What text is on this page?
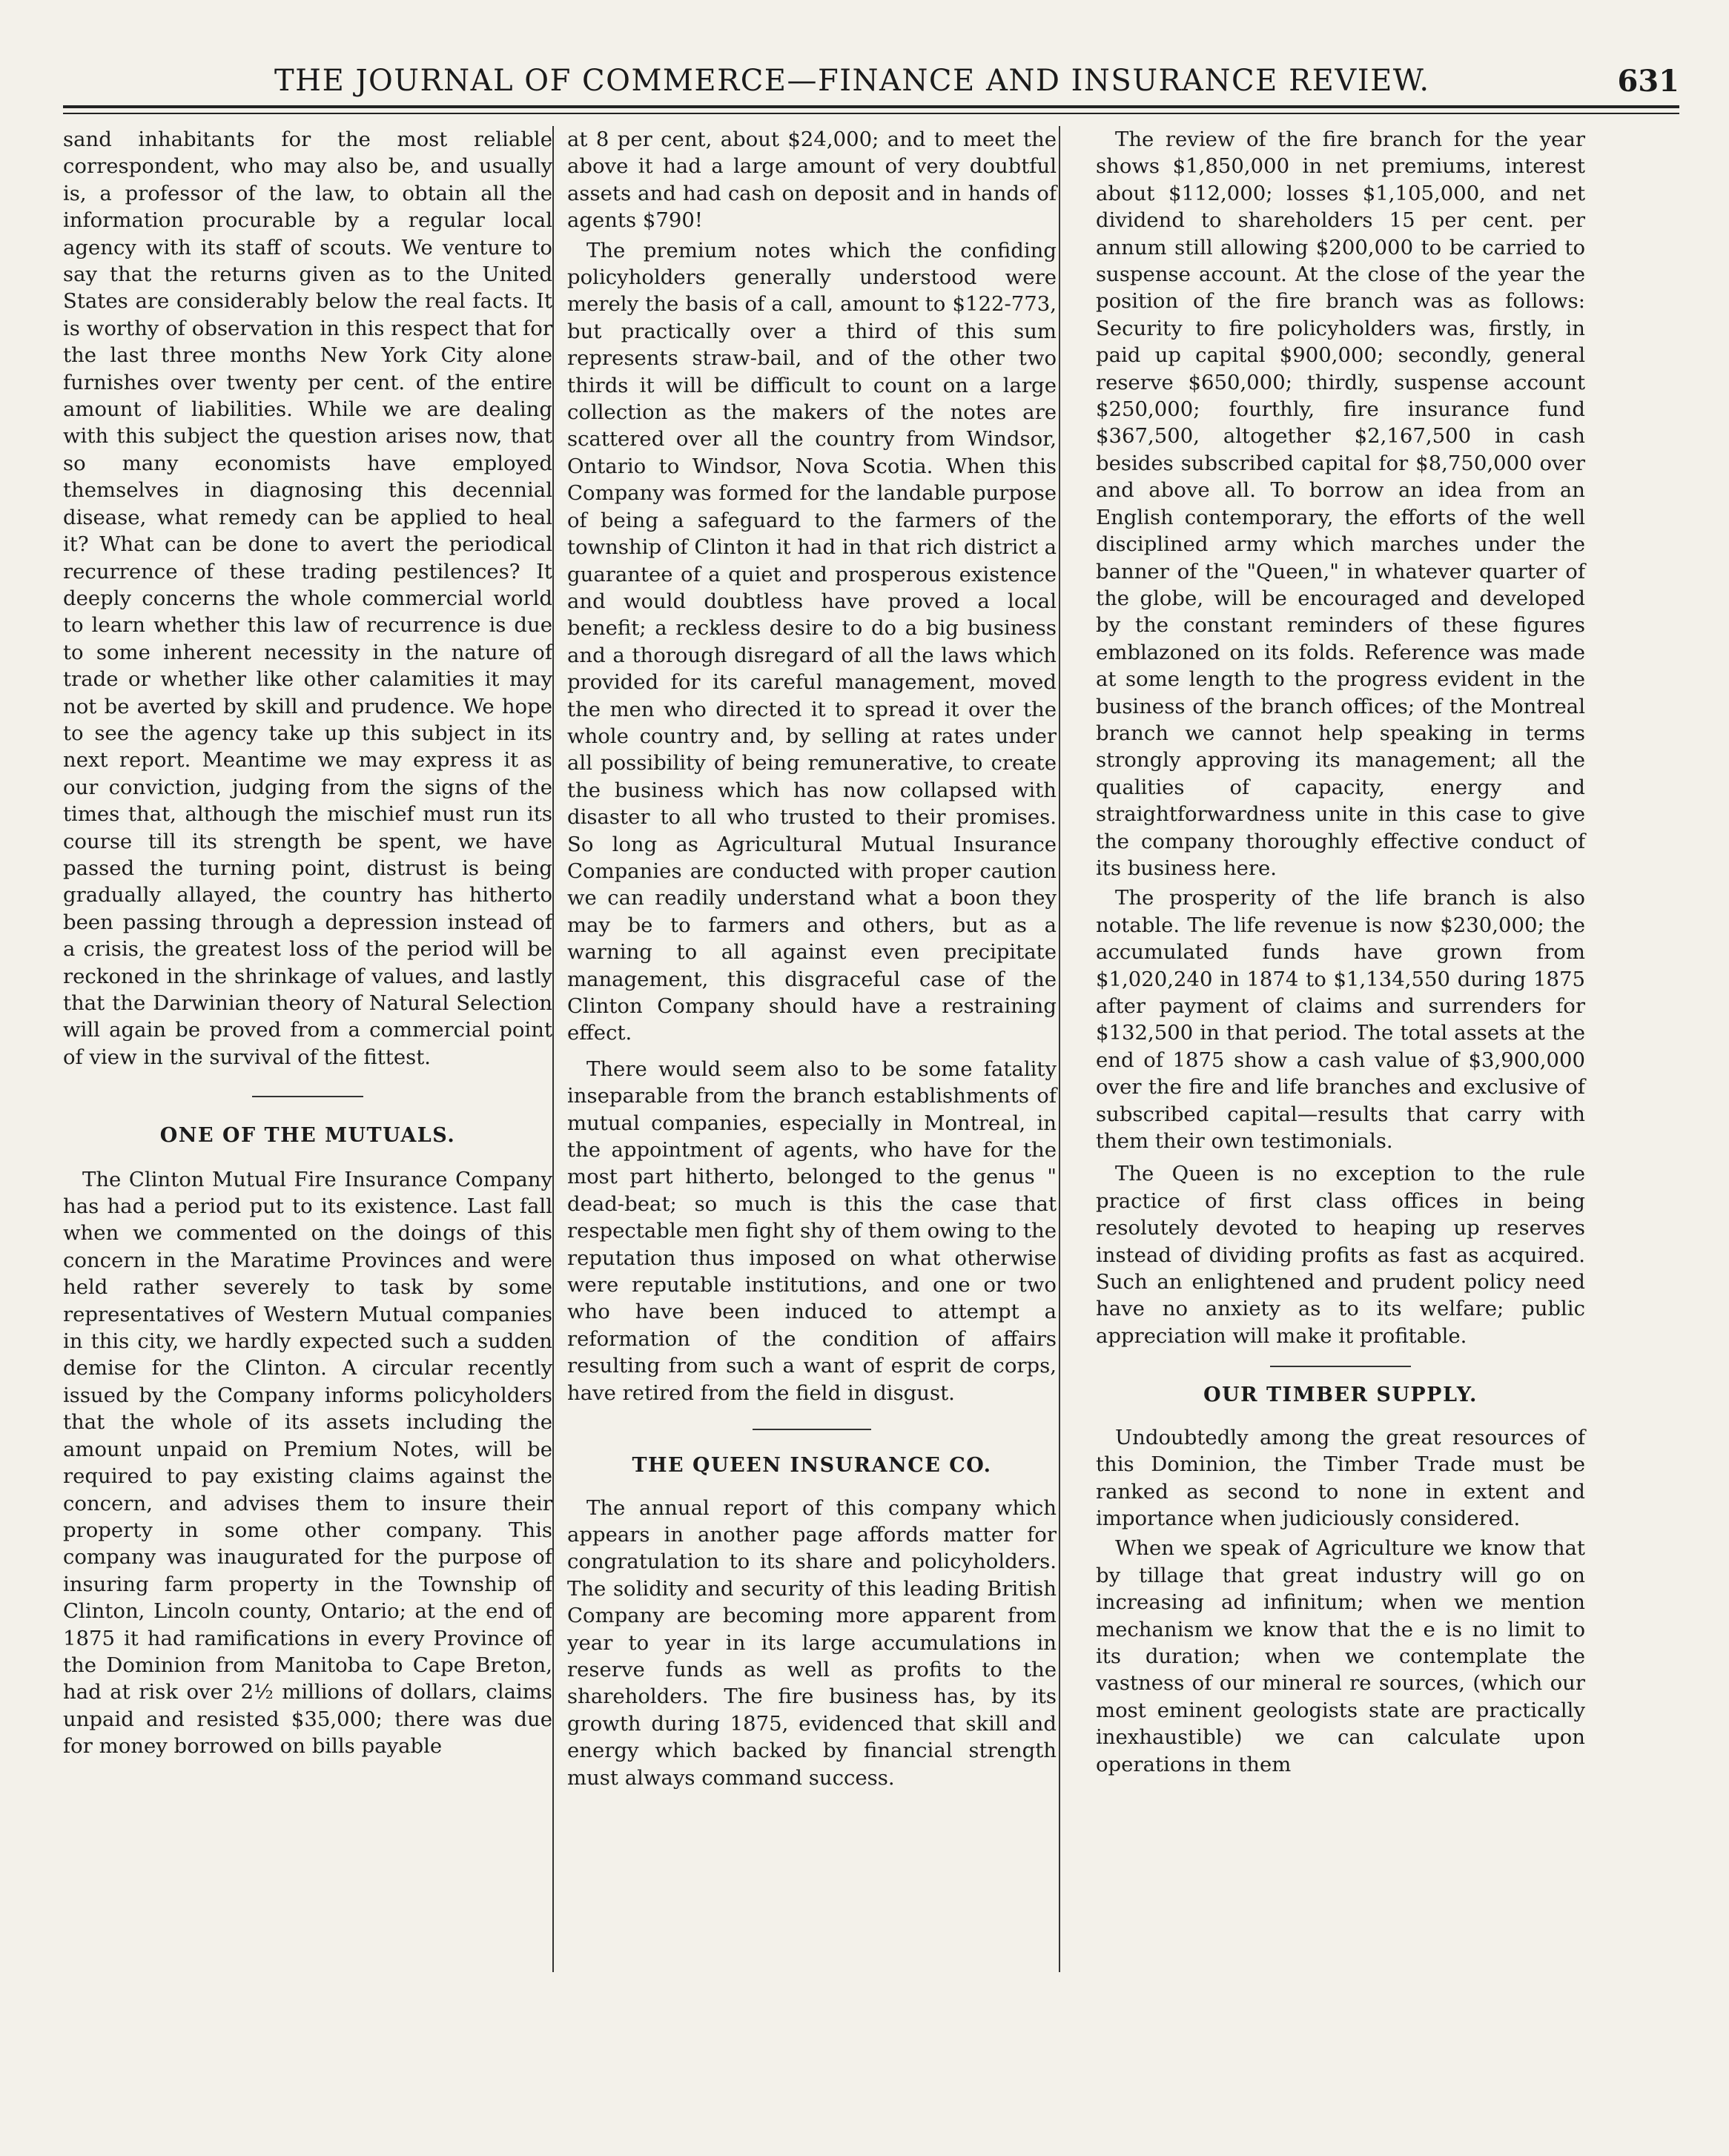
THE JOURNAL OF COMMERCE—FINANCE AND INSURANCE REVIEW.	631

sand inhabitants for the most reliable correspondent, who may also be, and usually is, a professor of the law, to obtain all the information procurable by a regular local agency with its staff of scouts. We venture to say that the returns given as to the United States are considerably below the real facts. It is worthy of observation in this respect that for the last three months New York City alone furnishes over twenty per cent. of the entire amount of liabilities. While we are dealing with this subject the question arises now, that so many economists have employed themselves in diagnosing this decennial disease, what remedy can be applied to heal it? What can be done to avert the periodical recurrence of these trading pestilences? It deeply concerns the whole commercial world to learn whether this law of recurrence is due to some inherent necessity in the nature of trade or whether like other calamities it may not be averted by skill and prudence. We hope to see the agency take up this subject in its next report. Meantime we may express it as our conviction, judging from the signs of the times that, although the mischief must run its course till its strength be spent, we have passed the turning point, distrust is being gradually allayed, the country has hitherto been passing through a depression instead of a crisis, the greatest loss of the period will be reckoned in the shrinkage of values, and lastly that the Darwinian theory of Natural Selection will again be proved from a commercial point of view in the survival of the fittest.

ONE OF THE MUTUALS.

The Clinton Mutual Fire Insurance Company has had a period put to its existence. Last fall when we commented on the doings of this concern in the Maratime Provinces and were held rather severely to task by some representatives of Western Mutual companies in this city, we hardly expected such a sudden demise for the Clinton. A circular recently issued by the Company informs policyholders that the whole of its assets including the amount unpaid on Premium Notes, will be required to pay existing claims against the concern, and advises them to insure their property in some other company. This company was inaugurated for the purpose of insuring farm property in the Township of Clinton, Lincoln county, Ontario; at the end of 1875 it had ramifications in every Province of the Dominion from Manitoba to Cape Breton, had at risk over 2½ millions of dollars, claims unpaid and resisted $35,000; there was due for money borrowed on bills payable

at 8 per cent, about $24,000; and to meet the above it had a large amount of very doubtful assets and had cash on deposit and in hands of agents $790!

The premium notes which the confiding policyholders generally understood were merely the basis of a call, amount to $122-773, but practically over a third of this sum represents straw-bail, and of the other two thirds it will be difficult to count on a large collection as the makers of the notes are scattered over all the country from Windsor, Ontario to Windsor, Nova Scotia. When this Company was formed for the landable purpose of being a safeguard to the farmers of the township of Clinton it had in that rich district a guarantee of a quiet and prosperous existence and would doubtless have proved a local benefit; a reckless desire to do a big business and a thorough disregard of all the laws which provided for its careful management, moved the men who directed it to spread it over the whole country and, by selling at rates under all possibility of being remunerative, to create the business which has now collapsed with disaster to all who trusted to their promises. So long as Agricultural Mutual Insurance Companies are conducted with proper caution we can readily understand what a boon they may be to farmers and others, but as a warning to all against even precipitate management, this disgraceful case of the Clinton Company should have a restraining effect.

There would seem also to be some fatality inseparable from the branch establishments of mutual companies, especially in Montreal, in the appointment of agents, who have for the most part hitherto, belonged to the genus " dead-beat; so much is this the case that respectable men fight shy of them owing to the reputation thus imposed on what otherwise were reputable institutions, and one or two who have been induced to attempt a reformation of the condition of affairs resulting from such a want of esprit de corps, have retired from the field in disgust.

THE QUEEN INSURANCE CO.

The annual report of this company which appears in another page affords matter for congratulation to its share and policyholders. The solidity and security of this leading British Company are becoming more apparent from year to year in its large accumulations in reserve funds as well as profits to the shareholders. The fire business has, by its growth during 1875, evidenced that skill and energy which backed by financial strength must always command success.

The review of the fire branch for the year shows $1,850,000 in net premiums, interest about $112,000; losses $1,105,000, and net dividend to shareholders 15 per cent. per annum still allowing $200,000 to be carried to suspense account. At the close of the year the position of the fire branch was as follows: Security to fire policyholders was, firstly, in paid up capital $900,000; secondly, general reserve $650,000; thirdly, suspense account $250,000; fourthly, fire insurance fund $367,500, altogether $2,167,500 in cash besides subscribed capital for $8,750,000 over and above all. To borrow an idea from an English contemporary, the efforts of the well disciplined army which marches under the banner of the "Queen," in whatever quarter of the globe, will be encouraged and developed by the constant reminders of these figures emblazoned on its folds. Reference was made at some length to the progress evident in the business of the branch offices; of the Montreal branch we cannot help speaking in terms strongly approving its management; all the qualities of capacity, energy and straightforwardness unite in this case to give the company thoroughly effective conduct of its business here.

The prosperity of the life branch is also notable. The life revenue is now $230,000; the accumulated funds have grown from $1,020,240 in 1874 to $1,134,550 during 1875 after payment of claims and surrenders for $132,500 in that period. The total assets at the end of 1875 show a cash value of $3,900,000 over the fire and life branches and exclusive of subscribed capital—results that carry with them their own testimonials.

The Queen is no exception to the rule practice of first class offices in being resolutely devoted to heaping up reserves instead of dividing profits as fast as acquired. Such an enlightened and prudent policy need have no anxiety as to its welfare; public appreciation will make it profitable.

OUR TIMBER SUPPLY.

Undoubtedly among the great resources of this Dominion, the Timber Trade must be ranked as second to none in extent and importance when judiciously considered.

When we speak of Agriculture we know that by tillage that great industry will go on increasing ad infinitum; when we mention mechanism we know that the e is no limit to its duration; when we contemplate the vastness of our mineral re sources, (which our most eminent geologists state are practically inexhaustible) we can calculate upon operations in them
